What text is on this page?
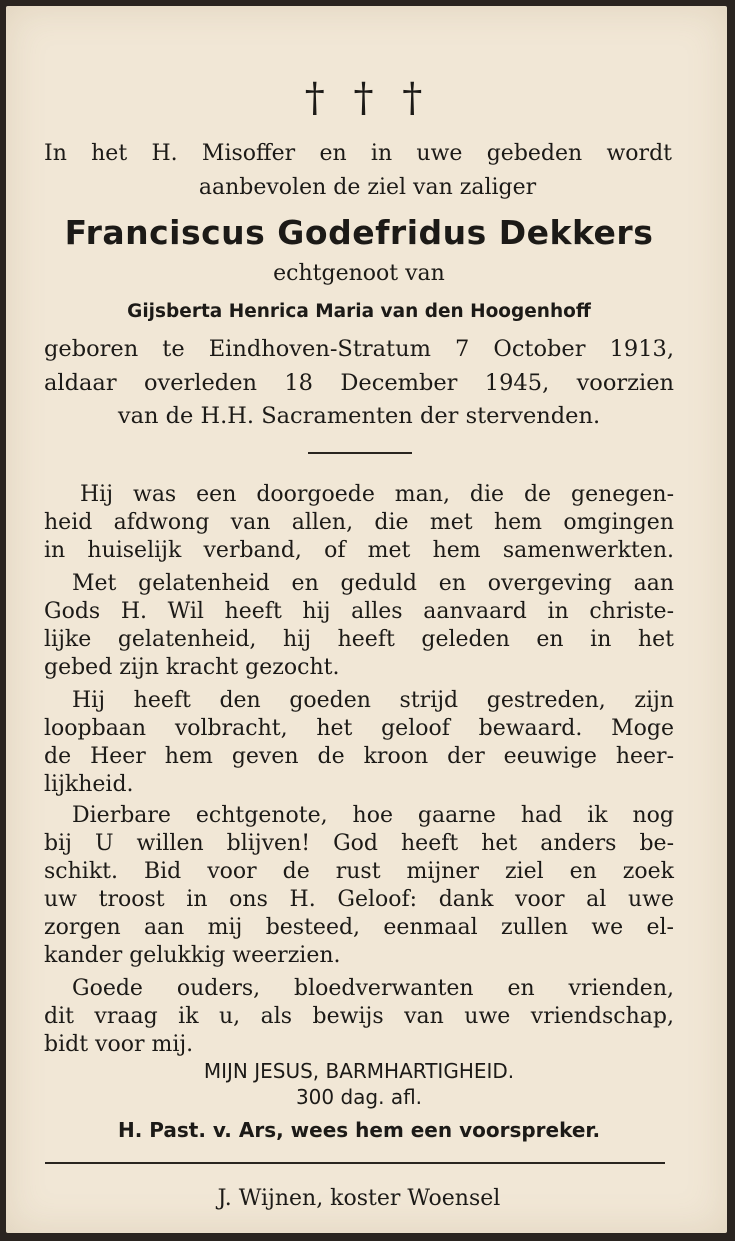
† † †
In het H. Misoffer en in uwe gebeden wordt
aanbevolen de ziel van zaliger
Franciscus Godefridus Dekkers
echtgenoot van
Gijsberta Henrica Maria van den Hoogenhoff
geboren te Eindhoven-Stratum 7 October 1913,
aldaar overleden 18 December 1945, voorzien
van de H.H. Sacramenten der stervenden.
Hij was een doorgoede man, die de genegen-
heid afdwong van allen, die met hem omgingen
in huiselijk verband, of met hem samenwerkten.
Met gelatenheid en geduld en overgeving aan
Gods H. Wil heeft hij alles aanvaard in christe-
lijke gelatenheid, hij heeft geleden en in het
gebed zijn kracht gezocht.
Hij heeft den goeden strijd gestreden, zijn
loopbaan volbracht, het geloof bewaard. Moge
de Heer hem geven de kroon der eeuwige heer-
lijkheid.
Dierbare echtgenote, hoe gaarne had ik nog
bij U willen blijven! God heeft het anders be-
schikt. Bid voor de rust mijner ziel en zoek
uw troost in ons H. Geloof: dank voor al uwe
zorgen aan mij besteed, eenmaal zullen we el-
kander gelukkig weerzien.
Goede ouders, bloedverwanten en vrienden,
dit vraag ik u, als bewijs van uwe vriendschap,
bidt voor mij.
MIJN JESUS, BARMHARTIGHEID.
300 dag. afl.
H. Past. v. Ars, wees hem een voorspreker.
J. Wijnen, koster Woensel
